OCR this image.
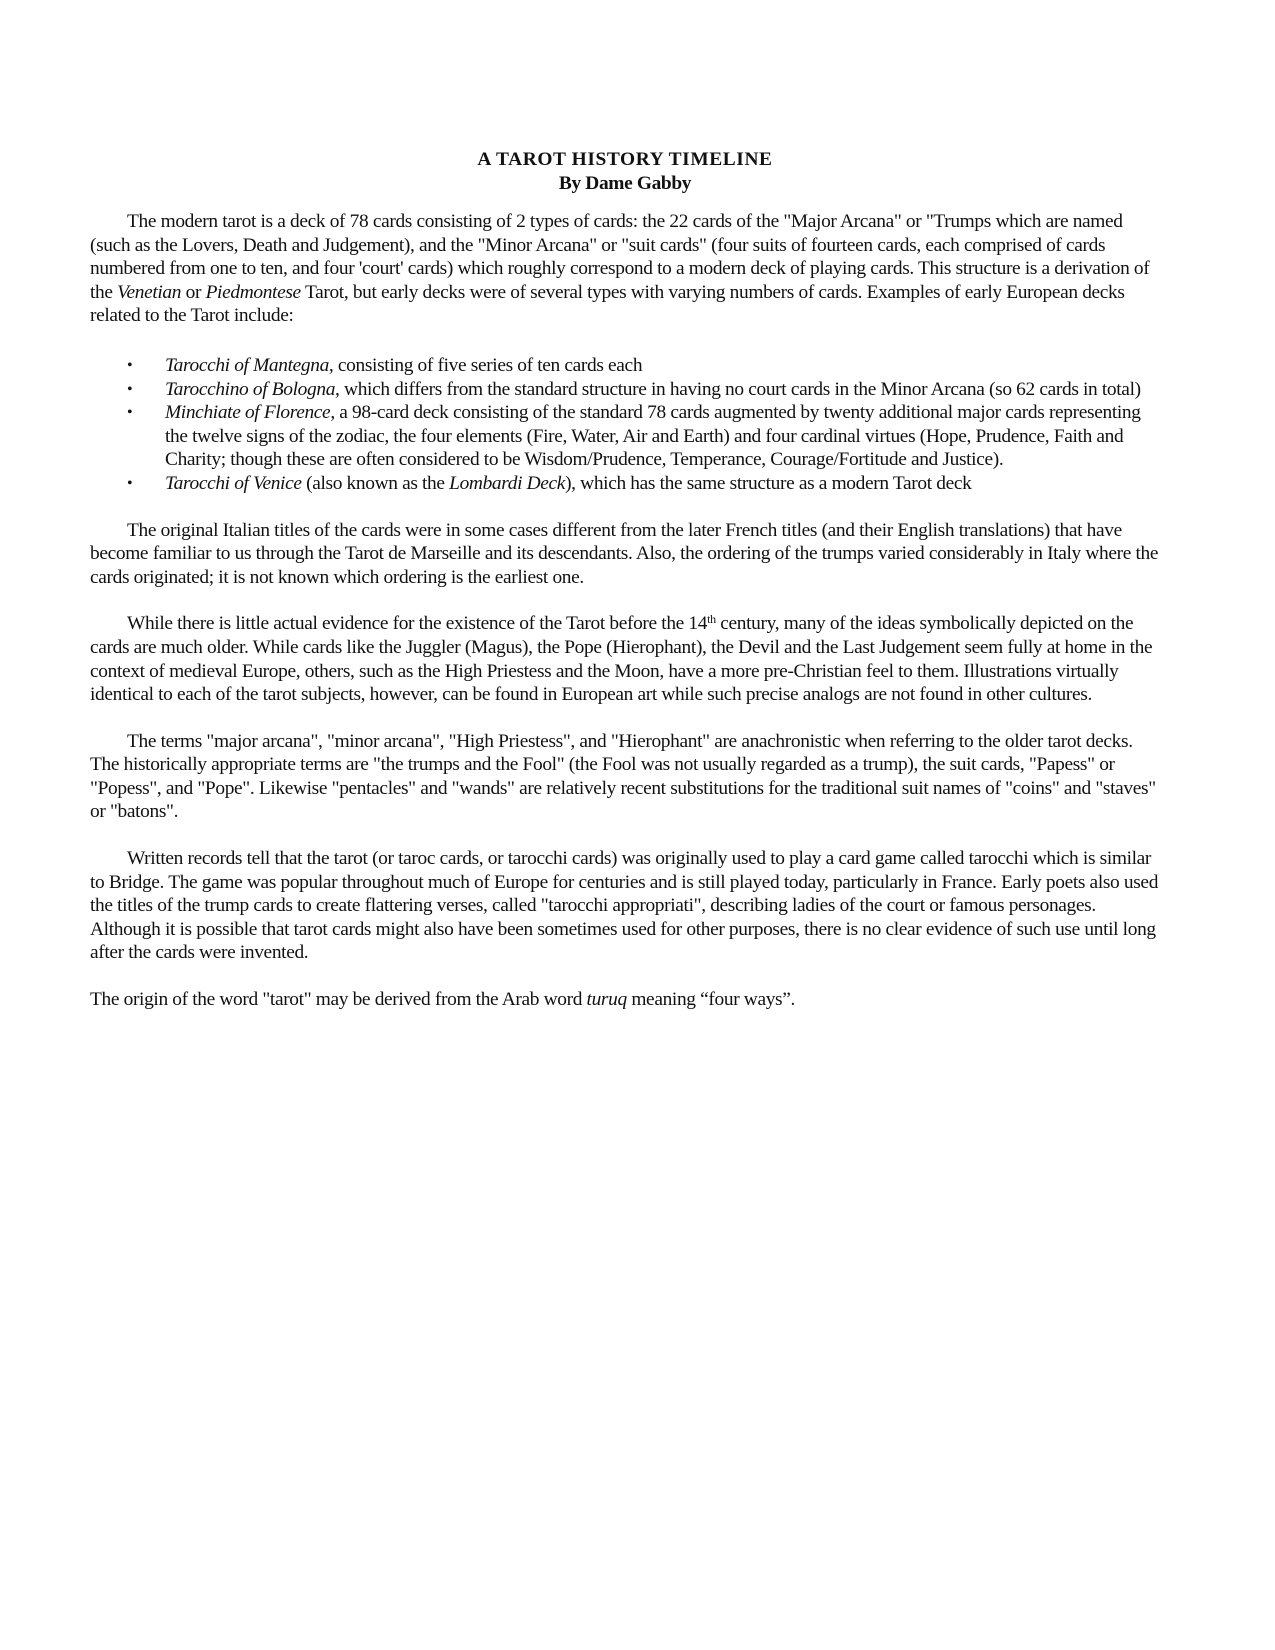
A TAROT HISTORY TIMELINE

By Dame Gabby

The modern tarot is a deck of 78 cards consisting of 2 types of cards: the 22 cards of the "Major Arcana" or "Trumps which are named (such as the Lovers, Death and Judgement), and the "Minor Arcana" or "suit cards" (four suits of fourteen cards, each comprised of cards numbered from one to ten, and four 'court' cards) which roughly correspond to a modern deck of playing cards. This structure is a derivation of the Venetian or Piedmontese Tarot, but early decks were of several types with varying numbers of cards. Examples of early European decks related to the Tarot include:

• Tarocchi of Mantegna, consisting of five series of ten cards each
• Tarocchino of Bologna, which differs from the standard structure in having no court cards in the Minor Arcana (so 62 cards in total)
• Minchiate of Florence, a 98-card deck consisting of the standard 78 cards augmented by twenty additional major cards representing the twelve signs of the zodiac, the four elements (Fire, Water, Air and Earth) and four cardinal virtues (Hope, Prudence, Faith and Charity; though these are often considered to be Wisdom/Prudence, Temperance, Courage/Fortitude and Justice).
• Tarocchi of Venice (also known as the Lombardi Deck), which has the same structure as a modern Tarot deck

The original Italian titles of the cards were in some cases different from the later French titles (and their English translations) that have become familiar to us through the Tarot de Marseille and its descendants. Also, the ordering of the trumps varied considerably in Italy where the cards originated; it is not known which ordering is the earliest one.

While there is little actual evidence for the existence of the Tarot before the 14th century, many of the ideas symbolically depicted on the cards are much older. While cards like the Juggler (Magus), the Pope (Hierophant), the Devil and the Last Judgement seem fully at home in the context of medieval Europe, others, such as the High Priestess and the Moon, have a more pre-Christian feel to them. Illustrations virtually identical to each of the tarot subjects, however, can be found in European art while such precise analogs are not found in other cultures.

The terms "major arcana", "minor arcana", "High Priestess", and "Hierophant" are anachronistic when referring to the older tarot decks. The historically appropriate terms are "the trumps and the Fool" (the Fool was not usually regarded as a trump), the suit cards, "Papess" or "Popess", and "Pope". Likewise "pentacles" and "wands" are relatively recent substitutions for the traditional suit names of "coins" and "staves" or "batons".

Written records tell that the tarot (or taroc cards, or tarocchi cards) was originally used to play a card game called tarocchi which is similar to Bridge. The game was popular throughout much of Europe for centuries and is still played today, particularly in France. Early poets also used the titles of the trump cards to create flattering verses, called "tarocchi appropriati", describing ladies of the court or famous personages. Although it is possible that tarot cards might also have been sometimes used for other purposes, there is no clear evidence of such use until long after the cards were invented.

The origin of the word "tarot" may be derived from the Arab word turuq meaning “four ways”.
